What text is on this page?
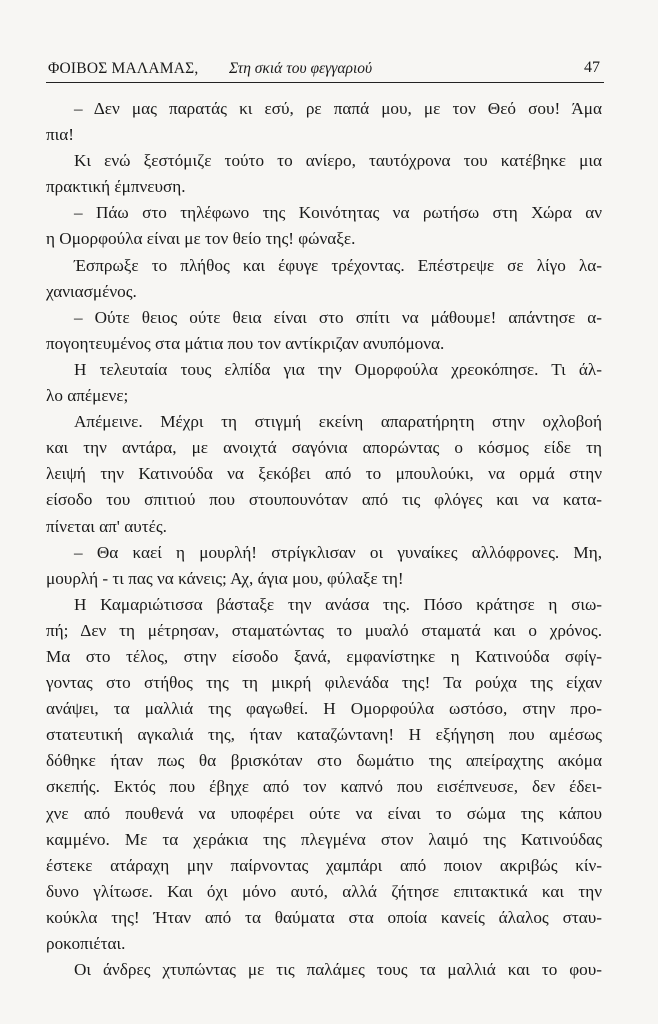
ΦΟΙΒΟΣ ΜΑΛΑΜΑΣ, Στη σκιά του φεγγαριού	47
– Δεν μας παρατάς κι εσύ, ρε παπά μου, με τον Θεό σου! Άμα
πια!
Κι ενώ ξεστόμιζε τούτο το ανίερο, ταυτόχρονα του κατέβηκε μια
πρακτική έμπνευση.
– Πάω στο τηλέφωνο της Κοινότητας να ρωτήσω στη Χώρα αν
η Ομορφούλα είναι με τον θείο της! φώναξε.
Έσπρωξε το πλήθος και έφυγε τρέχοντας. Επέστρεψε σε λίγο λα-
χανιασμένος.
– Ούτε θειος ούτε θεια είναι στο σπίτι να μάθουμε! απάντησε α-
πογοητευμένος στα μάτια που τον αντίκριζαν ανυπόμονα.
Η τελευταία τους ελπίδα για την Ομορφούλα χρεοκόπησε. Τι άλ-
λο απέμενε;
Απέμεινε. Μέχρι τη στιγμή εκείνη απαρατήρητη στην οχλοβοή
και την αντάρα, με ανοιχτά σαγόνια απορώντας ο κόσμος είδε τη
λειψή την Κατινούδα να ξεκόβει από το μπουλούκι, να ορμά στην
είσοδο του σπιτιού που στουπουνόταν από τις φλόγες και να κατα-
πίνεται απ' αυτές.
– Θα καεί η μουρλή! στρίγκλισαν οι γυναίκες αλλόφρονες. Μη,
μουρλή - τι πας να κάνεις; Αχ, άγια μου, φύλαξε τη!
Η Καμαριώτισσα βάσταξε την ανάσα της. Πόσο κράτησε η σιω-
πή; Δεν τη μέτρησαν, σταματώντας το μυαλό σταματά και ο χρόνος.
Μα στο τέλος, στην είσοδο ξανά, εμφανίστηκε η Κατινούδα σφίγ-
γοντας στο στήθος της τη μικρή φιλενάδα της! Τα ρούχα της είχαν
ανάψει, τα μαλλιά της φαγωθεί. Η Ομορφούλα ωστόσο, στην προ-
στατευτική αγκαλιά της, ήταν καταζώντανη! Η εξήγηση που αμέσως
δόθηκε ήταν πως θα βρισκόταν στο δωμάτιο της απείραχτης ακόμα
σκεπής. Εκτός που έβηχε από τον καπνό που εισέπνευσε, δεν έδει-
χνε από πουθενά να υποφέρει ούτε να είναι το σώμα της κάπου
καμμένο. Με τα χεράκια της πλεγμένα στον λαιμό της Κατινούδας
έστεκε ατάραχη μην παίρνοντας χαμπάρι από ποιον ακριβώς κίν-
δυνο γλίτωσε. Και όχι μόνο αυτό, αλλά ζήτησε επιτακτικά και την
κούκλα της! Ήταν από τα θαύματα στα οποία κανείς άλαλος σταυ-
ροκοπιέται.
Οι άνδρες χτυπώντας με τις παλάμες τους τα μαλλιά και το φου-
